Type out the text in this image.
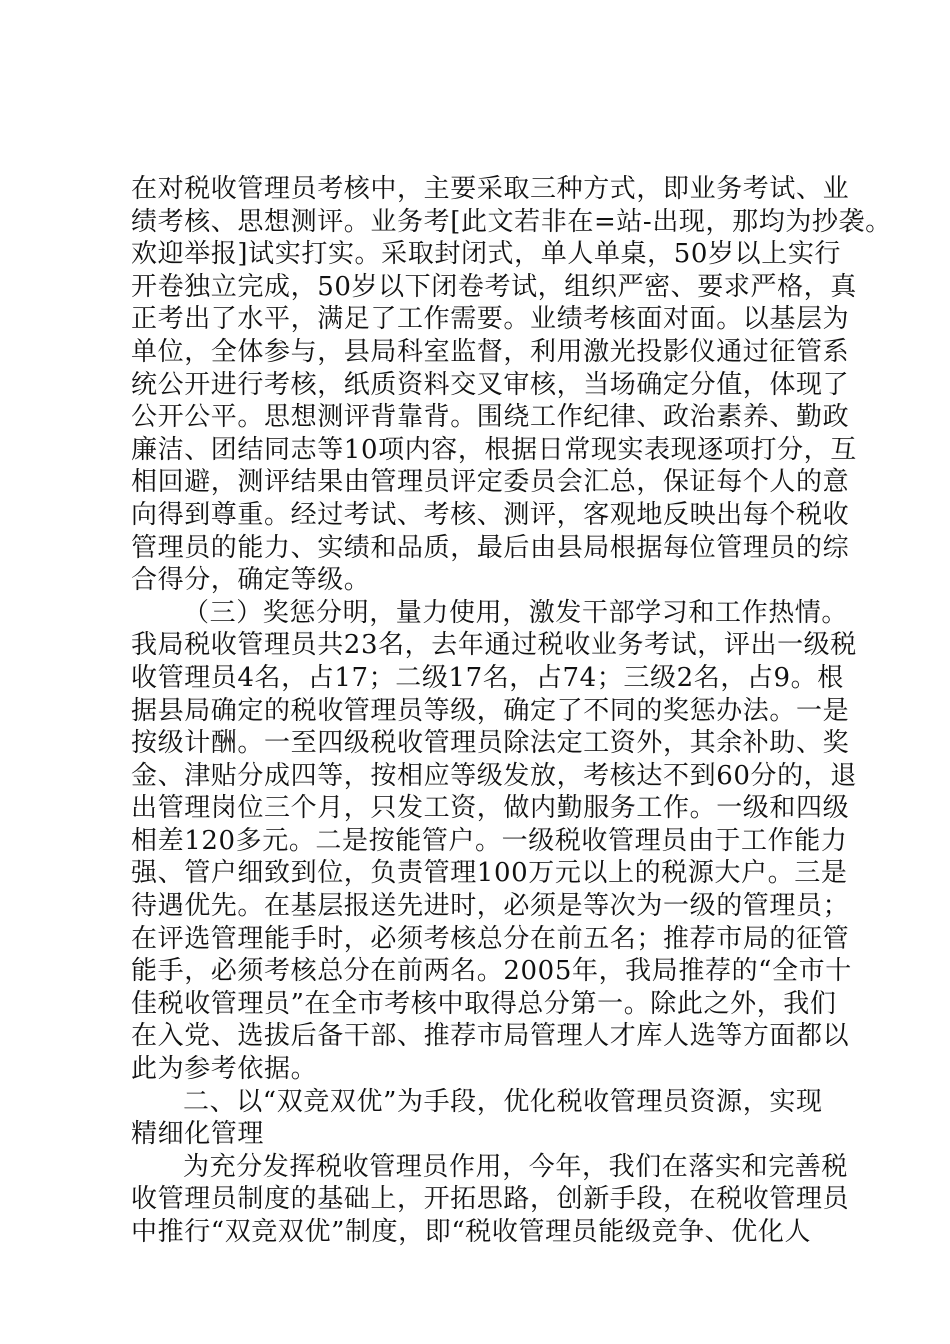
在对税收管理员考核中，主要采取三种方式，即业务考试、业
绩考核、思想测评。业务考[此文若非在=站-出现，那均为抄袭。
欢迎举报]试实打实。采取封闭式，单人单桌，50岁以上实行
开卷独立完成，50岁以下闭卷考试，组织严密、要求严格，真
正考出了水平，满足了工作需要。业绩考核面对面。以基层为
单位，全体参与，县局科室监督，利用激光投影仪通过征管系
统公开进行考核，纸质资料交叉审核，当场确定分值，体现了
公开公平。思想测评背靠背。围绕工作纪律、政治素养、勤政
廉洁、团结同志等10项内容，根据日常现实表现逐项打分，互
相回避，测评结果由管理员评定委员会汇总，保证每个人的意
向得到尊重。经过考试、考核、测评，客观地反映出每个税收
管理员的能力、实绩和品质，最后由县局根据每位管理员的综
合得分，确定等级。
（三）奖惩分明，量力使用，激发干部学习和工作热情。
我局税收管理员共23名，去年通过税收业务考试，评出一级税
收管理员4名，占17；二级17名，占74；三级2名，占9。根
据县局确定的税收管理员等级，确定了不同的奖惩办法。一是
按级计酬。一至四级税收管理员除法定工资外，其余补助、奖
金、津贴分成四等，按相应等级发放，考核达不到60分的，退
出管理岗位三个月，只发工资，做内勤服务工作。一级和四级
相差120多元。二是按能管户。一级税收管理员由于工作能力
强、管户细致到位，负责管理100万元以上的税源大户。三是
待遇优先。在基层报送先进时，必须是等次为一级的管理员；
在评选管理能手时，必须考核总分在前五名；推荐市局的征管
能手，必须考核总分在前两名。2005年，我局推荐的“全市十
佳税收管理员”在全市考核中取得总分第一。除此之外，我们
在入党、选拔后备干部、推荐市局管理人才库人选等方面都以
此为参考依据。
二、以“双竞双优”为手段，优化税收管理员资源，实现
精细化管理
为充分发挥税收管理员作用，今年，我们在落实和完善税
收管理员制度的基础上，开拓思路，创新手段，在税收管理员
中推行“双竞双优”制度，即“税收管理员能级竞争、优化人
